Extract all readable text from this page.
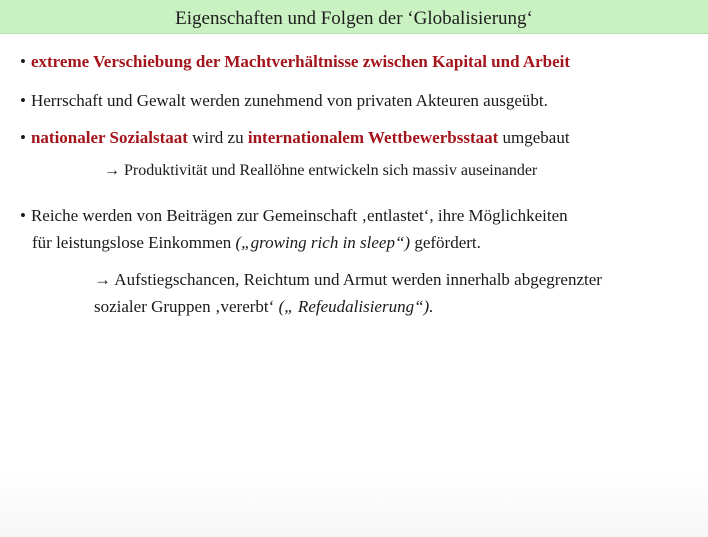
Eigenschaften und Folgen der ‘Globalisierung‘
• extreme Verschiebung der Machtverhältnisse zwischen Kapital und Arbeit
• Herrschaft und Gewalt werden zunehmend von privaten Akteuren ausgeübt.
• nationaler Sozialstaat wird zu internationalem Wettbewerbsstaat umgebaut
→ Produktivität und Reallöhne entwickeln sich massiv auseinander
• Reiche werden von Beiträgen zur Gemeinschaft ‚entlastet‘, ihre Möglichkeiten
für leistungslose Einkommen („growing rich in sleep“) gefördert.
→ Aufstiegschancen, Reichtum und Armut werden innerhalb abgegrenzter
sozialer Gruppen ‚vererbt‘ („ Refeudalisierung“).
